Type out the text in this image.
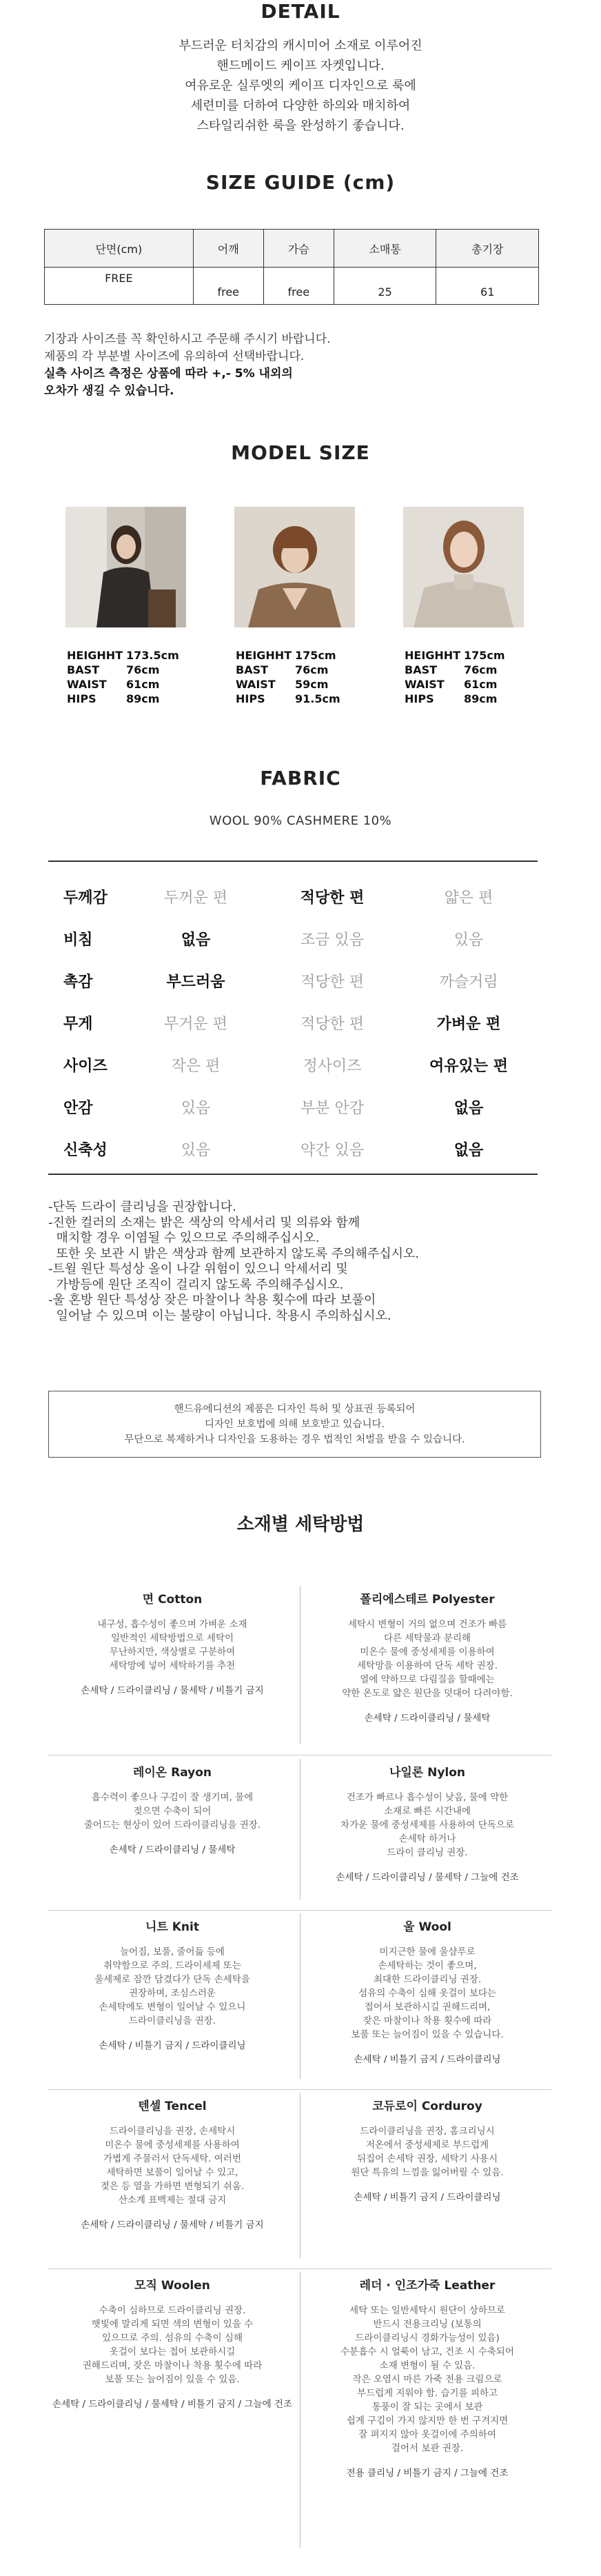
DETAIL
부드러운 터치감의 캐시미어 소재로 이루어진
핸드메이드 케이프 자켓입니다.
여유로운 실루엣의 케이프 디자인으로 룩에
세련미를 더하여 다양한 하의와 매치하여
스타일리쉬한 룩을 완성하기 좋습니다.
SIZE GUIDE (cm)
단면(cm)	어깨	가슴	소매통	총기장
FREE	free	free	25	61
기장과 사이즈를 꼭 확인하시고 주문해 주시기 바랍니다.
제품의 각 부분별 사이즈에 유의하여 선택바랍니다.
실측 사이즈 측정은 상품에 따라 +,- 5% 내외의
오차가 생길 수 있습니다.
MODEL SIZE
HEIGHHT 173.5cm
BAST	76cm
WAIST	61cm
HIPS	89cm
HEIGHHT 175cm
BAST	76cm
WAIST	59cm
HIPS	91.5cm
HEIGHHT 175cm
BAST	76cm
WAIST	61cm
HIPS	89cm
FABRIC
WOOL 90% CASHMERE 10%
두께감	두꺼운 편	적당한 편	얇은 편
비침	없음	조금 있음	있음
촉감	부드러움	적당한 편	까슬거림
무게	무거운 편	적당한 편	가벼운 편
사이즈	작은 편	정사이즈	여유있는 편
안감	있음	부분 안감	없음
신축성	있음	약간 있음	없음
-단독 드라이 클리닝을 권장합니다.
-진한 컬러의 소재는 밝은 색상의 악세서리 및 의류와 함께
매치할 경우 이염될 수 있으므로 주의해주십시오.
또한 옷 보관 시 밝은 색상과 함께 보관하지 않도록 주의해주십시오.
-트윌 원단 특성상 올이 나갈 위험이 있으니 악세서리 및
가방등에 원단 조직이 걸리지 않도록 주의해주십시오.
-울 혼방 원단 특성상 잦은 마찰이나 착용 횟수에 따라 보풀이
일어날 수 있으며 이는 불량이 아닙니다. 착용시 주의하십시오.
핸드유에디션의 제품은 디자인 특허 및 상표권 등록되어
디자인 보호법에 의해 보호받고 있습니다.
무단으로 복제하거나 디자인을 도용하는 경우 법적인 처벌을 받을 수 있습니다.
소재별 세탁방법
면 Cotton
내구성, 흡수성이 좋으며 가벼운 소재
일반적인 세탁방법으로 세탁이
무난하지만, 색상별로 구분하여
세탁망에 넣어 세탁하기를 추천
손세탁 / 드라이클리닝 / 물세탁 / 비틀기 금지
폴리에스테르 Polyester
세탁시 변형이 거의 없으며 건조가 빠름
다른 세탁물과 분리해
미온수 물에 중성세제를 이용하여
세탁망을 이용하여 단독 세탁 권장.
열에 약하므로 다림질을 할때에는
약한 온도로 얇은 원단을 덧대어 다려야함.
손세탁 / 드라이클리닝 / 물세탁
레이온 Rayon
흡수력이 좋으나 구김이 잘 생기며, 물에
젖으면 수축이 되어
줄어드는 현상이 있어 드라이클리닝을 권장.
손세탁 / 드라이클리닝 / 물세탁
나일론 Nylon
건조가 빠르나 흡수성이 낮음, 물에 약한
소재로 빠른 시간내에
차가운 물에 중성세제를 사용하여 단독으로
손세탁 하거나
드라이 클리닝 권장.
손세탁 / 드라이클리닝 / 물세탁 / 그늘에 건조
니트 Knit
늘어짐, 보풀, 줄어듦 등에
취약함으로 주의. 드라이세제 또는
울세제로 잠깐 담겼다가 단독 손세탁을
권장하며, 조심스러운
손세탁에도 변형이 일어날 수 있으니
드라이클리닝을 권장.
손세탁 / 비틀기 금지 / 드라이클리닝
울 Wool
미지근한 물에 울샴푸로
손세탁하는 것이 좋으며,
최대한 드라이클리닝 권장.
섬유의 수축이 심해 옷걸이 보다는
접어서 보관하시길 권해드리며,
잦은 마찰이나 착용 횟수에 따라
보풀 또는 늘어짐이 있을 수 있습니다.
손세탁 / 비틀기 금지 / 드라이클리닝
텐셀 Tencel
드라이클리닝을 권장, 손세탁시
미온수 물에 중성세제를 사용하여
가볍게 주물러서 단독세탁. 여러번
세탁하면 보풀이 일어날 수 있고,
젖은 등 열을 가하면 변형되기 쉬움.
산소계 표백제는 절대 금지
손세탁 / 드라이클리닝 / 물세탁 / 비틀기 금지
코듀로이 Corduroy
드라이클리닝을 권장, 홈크리닝시
저온에서 중성세제로 부드럽게
뒤집어 손세탁 권장, 세탁기 사용시
원단 특유의 느낌을 잃어버릴 수 있음.
손세탁 / 비틀기 금지 / 드라이클리닝
모직 Woolen
수축이 심하므로 드라이클리닝 권장.
햇빛에 말리게 되면 색의 변형이 있을 수
있으므로 주의. 섬유의 수축이 심해
옷걸이 보다는 접어 보관하시길
권해드리며, 잦은 마찰이나 착용 횟수에 따라
보풀 또는 늘어짐이 있을 수 있음.
손세탁 / 드라이클리닝 / 물세탁 / 비틀기 금지 / 그늘에 건조
레더 · 인조가죽 Leather
세탁 또는 일반세탁시 원단이 상하므로
반드시 전용크리닝 (보통의
드라이클리닝시 경화가능성이 있음)
수분흡수 시 얼룩이 남고, 건조 시 수축되어
소재 변형이 될 수 있음.
작은 오염시 마른 가죽 전용 크림으로
부드럽게 지워야 함. 습기를 피하고
통풍이 잘 되는 곳에서 보관
쉽게 구김이 가지 않지만 한 번 구겨지면
잘 펴지지 않아 옷걸이에 주의하여
걸어서 보관 권장.
전용 클리닝 / 비틀기 금지 / 그늘에 건조
